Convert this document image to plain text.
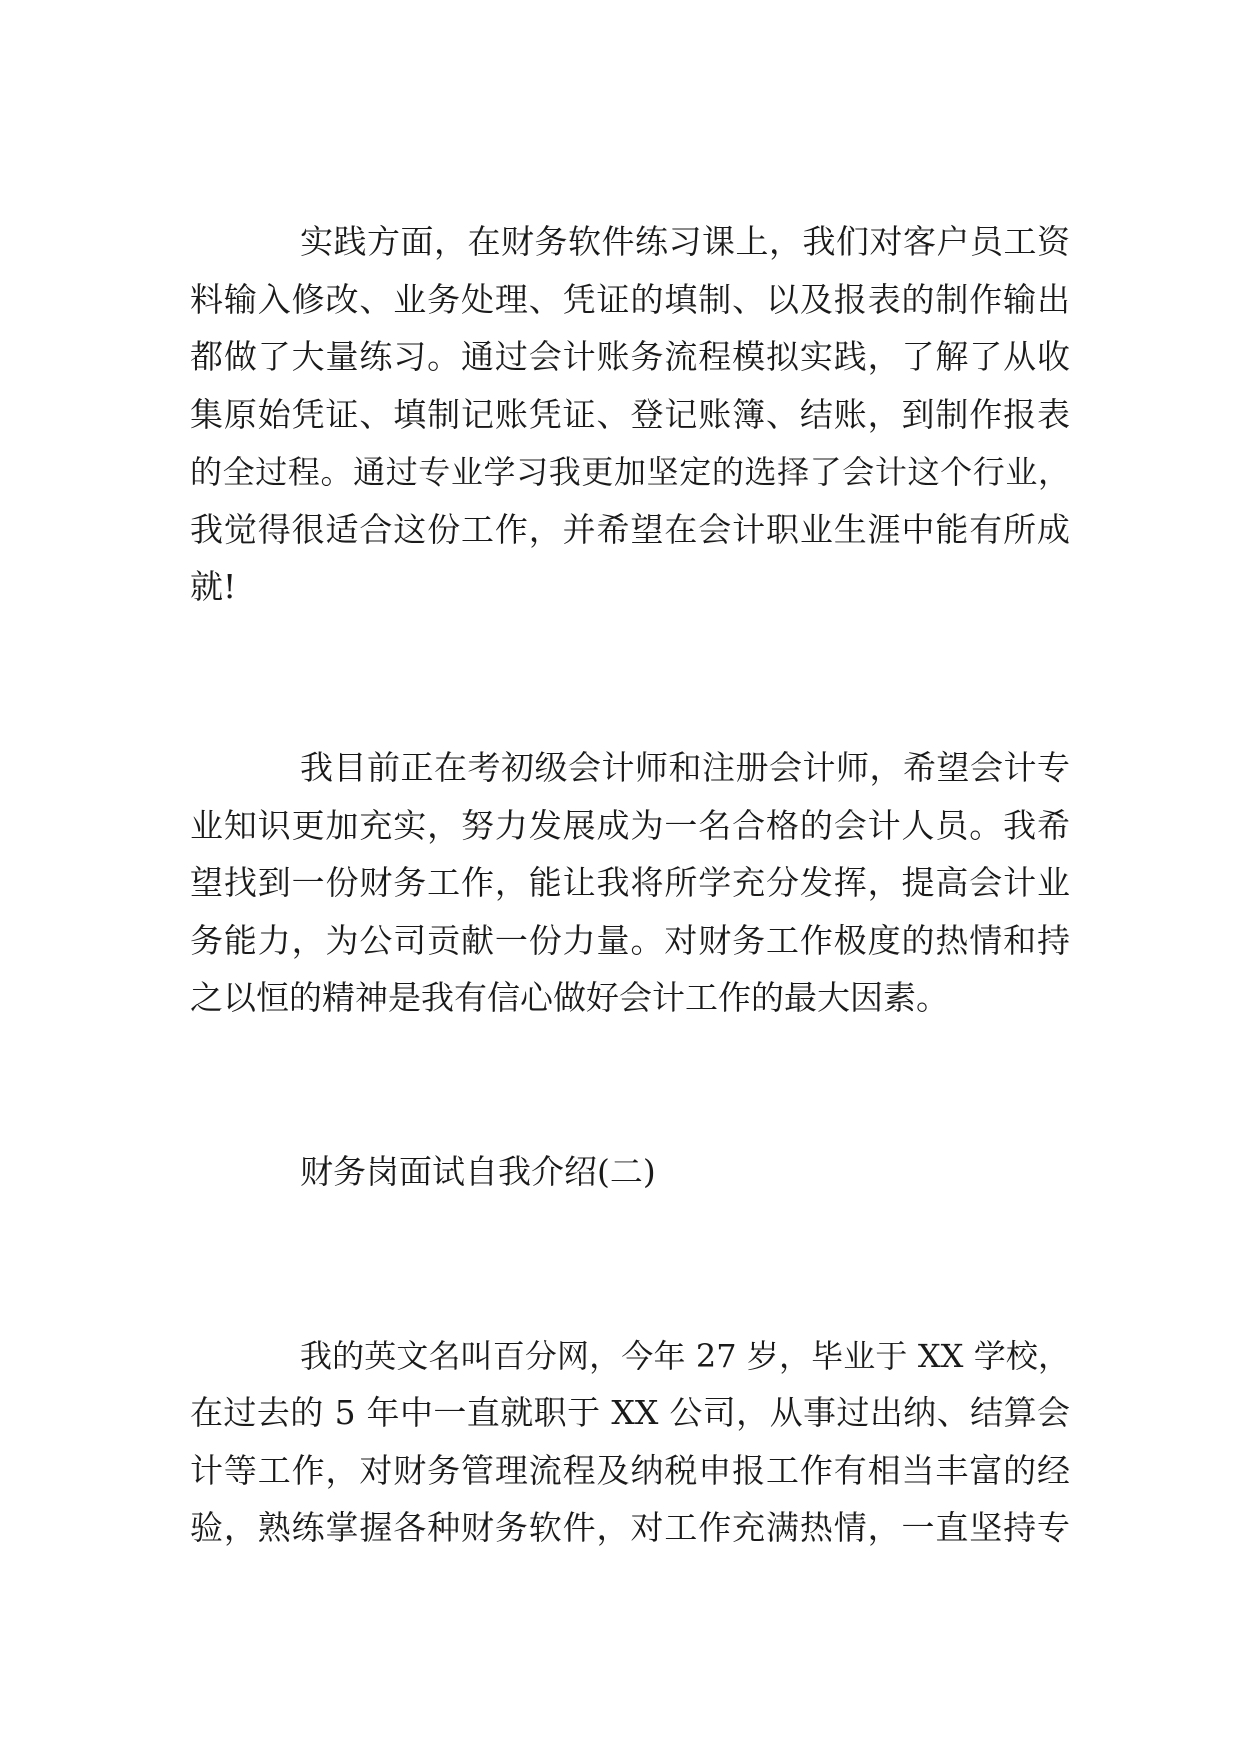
实践方面，在财务软件练习课上，我们对客户员工资
料输入修改、业务处理、凭证的填制、以及报表的制作输出
都做了大量练习。通过会计账务流程模拟实践，了解了从收
集原始凭证、填制记账凭证、登记账簿、结账，到制作报表
的全过程。通过专业学习我更加坚定的选择了会计这个行业，
我觉得很适合这份工作，并希望在会计职业生涯中能有所成
就!
我目前正在考初级会计师和注册会计师，希望会计专
业知识更加充实，努力发展成为一名合格的会计人员。我希
望找到一份财务工作，能让我将所学充分发挥，提高会计业
务能力，为公司贡献一份力量。对财务工作极度的热情和持
之以恒的精神是我有信心做好会计工作的最大因素。
财务岗面试自我介绍(二)
我的英文名叫百分网，今年 27 岁，毕业于 XX 学校，
在过去的 5 年中一直就职于 XX 公司，从事过出纳、结算会
计等工作，对财务管理流程及纳税申报工作有相当丰富的经
验，熟练掌握各种财务软件，对工作充满热情，一直坚持专
